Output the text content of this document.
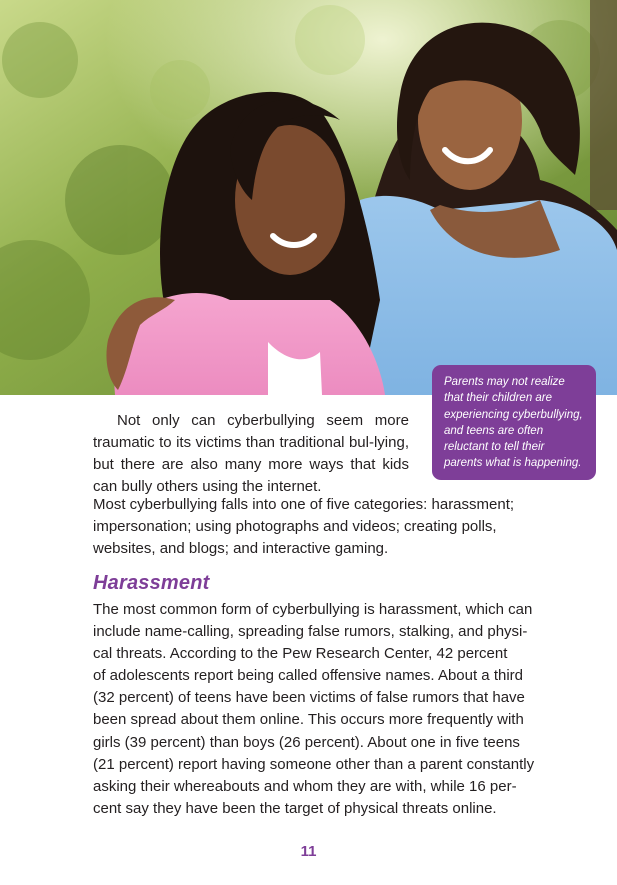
Parents may not realize
that their children are
experiencing cyberbullying,
and teens are often
reluctant to tell their
parents what is happening.

Not only can cyberbullying seem more traumatic to its victims than traditional bul-lying, but there are also many more ways that kids can bully others using the internet.

Most cyberbullying falls into one of five categories: harassment;
impersonation; using photographs and videos; creating polls,
websites, and blogs; and interactive gaming.

Harassment

The most common form of cyberbullying is harassment, which can
include name-calling, spreading false rumors, stalking, and physi-
cal threats. According to the Pew Research Center, 42 percent
of adolescents report being called offensive names. About a third
(32 percent) of teens have been victims of false rumors that have
been spread about them online. This occurs more frequently with
girls (39 percent) than boys (26 percent). About one in five teens
(21 percent) report having someone other than a parent constantly
asking their whereabouts and whom they are with, while 16 per-
cent say they have been the target of physical threats online.

11
